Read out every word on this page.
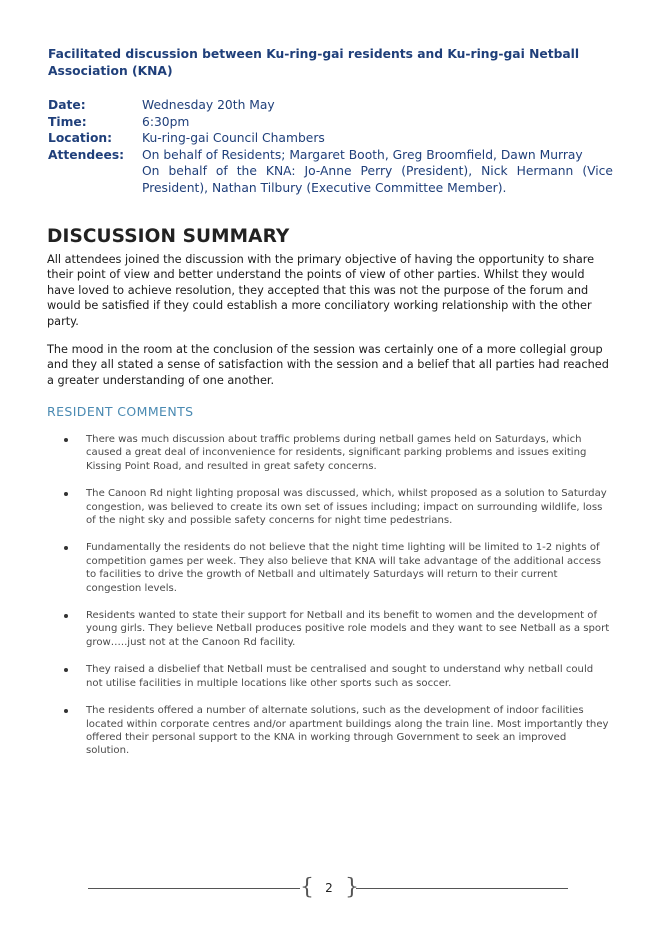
Facilitated discussion between Ku-ring-gai residents and Ku-ring-gai Netball Association (KNA)
Date:	Wednesday 20th May
Time:	6:30pm
Location:	Ku-ring-gai Council Chambers
Attendees:	On behalf of Residents; Margaret Booth, Greg Broomfield, Dawn Murray
On behalf of the KNA: Jo-Anne Perry (President), Nick Hermann (Vice President), Nathan Tilbury (Executive Committee Member).
DISCUSSION SUMMARY

All attendees joined the discussion with the primary objective of having the opportunity to share their point of view and better understand the points of view of other parties. Whilst they would have loved to achieve resolution, they accepted that this was not the purpose of the forum and would be satisfied if they could establish a more conciliatory working relationship with the other party.

The mood in the room at the conclusion of the session was certainly one of a more collegial group and they all stated a sense of satisfaction with the session and a belief that all parties had reached a greater understanding of one another.

RESIDENT COMMENTS
There was much discussion about traffic problems during netball games held on Saturdays, which caused a great deal of inconvenience for residents, significant parking problems and issues exiting Kissing Point Road, and resulted in great safety concerns.
The Canoon Rd night lighting proposal was discussed, which, whilst proposed as a solution to Saturday congestion, was believed to create its own set of issues including; impact on surrounding wildlife, loss of the night sky and possible safety concerns for night time pedestrians.
Fundamentally the residents do not believe that the night time lighting will be limited to 1-2 nights of competition games per week. They also believe that KNA will take advantage of the additional access to facilities to drive the growth of Netball and ultimately Saturdays will return to their current congestion levels.
Residents wanted to state their support for Netball and its benefit to women and the development of young girls. They believe Netball produces positive role models and they want to see Netball as a sport grow…..just not at the Canoon Rd facility.
They raised a disbelief that Netball must be centralised and sought to understand why netball could not utilise facilities in multiple locations like other sports such as soccer.
The residents offered a number of alternate solutions, such as the development of indoor facilities located within corporate centres and/or apartment buildings along the train line. Most importantly they offered their personal support to the KNA in working through Government to seek an improved solution.
{ 2 }
